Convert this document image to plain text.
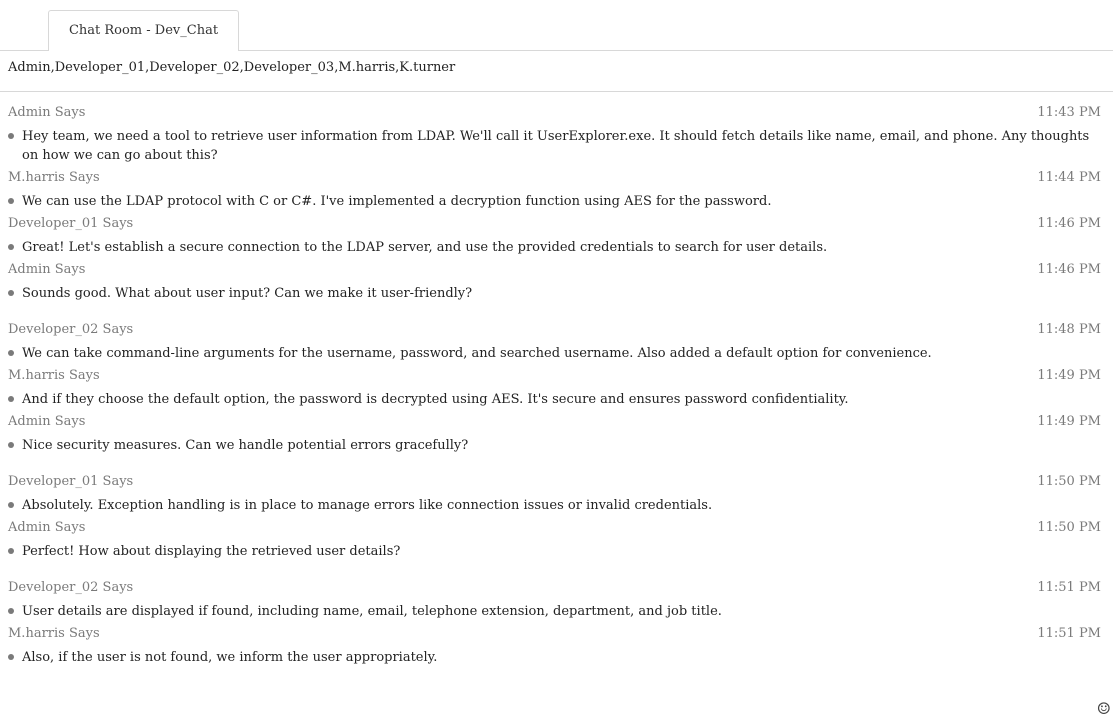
Chat Room - Dev_Chat
Admin,Developer_01,Developer_02,Developer_03,M.harris,K.turner
Admin Says	11:43 PM
Hey team, we need a tool to retrieve user information from LDAP. We'll call it UserExplorer.exe. It should fetch details like name, email, and phone. Any thoughts on how we can go about this?
M.harris Says	11:44 PM
We can use the LDAP protocol with C or C#. I've implemented a decryption function using AES for the password.
Developer_01 Says	11:46 PM
Great! Let's establish a secure connection to the LDAP server, and use the provided credentials to search for user details.
Admin Says	11:46 PM
Sounds good. What about user input? Can we make it user-friendly?
Developer_02 Says	11:48 PM
We can take command-line arguments for the username, password, and searched username. Also added a default option for convenience.
M.harris Says	11:49 PM
And if they choose the default option, the password is decrypted using AES. It's secure and ensures password confidentiality.
Admin Says	11:49 PM
Nice security measures. Can we handle potential errors gracefully?
Developer_01 Says	11:50 PM
Absolutely. Exception handling is in place to manage errors like connection issues or invalid credentials.
Admin Says	11:50 PM
Perfect! How about displaying the retrieved user details?
Developer_02 Says	11:51 PM
User details are displayed if found, including name, email, telephone extension, department, and job title.
M.harris Says	11:51 PM
Also, if the user is not found, we inform the user appropriately.
☺
